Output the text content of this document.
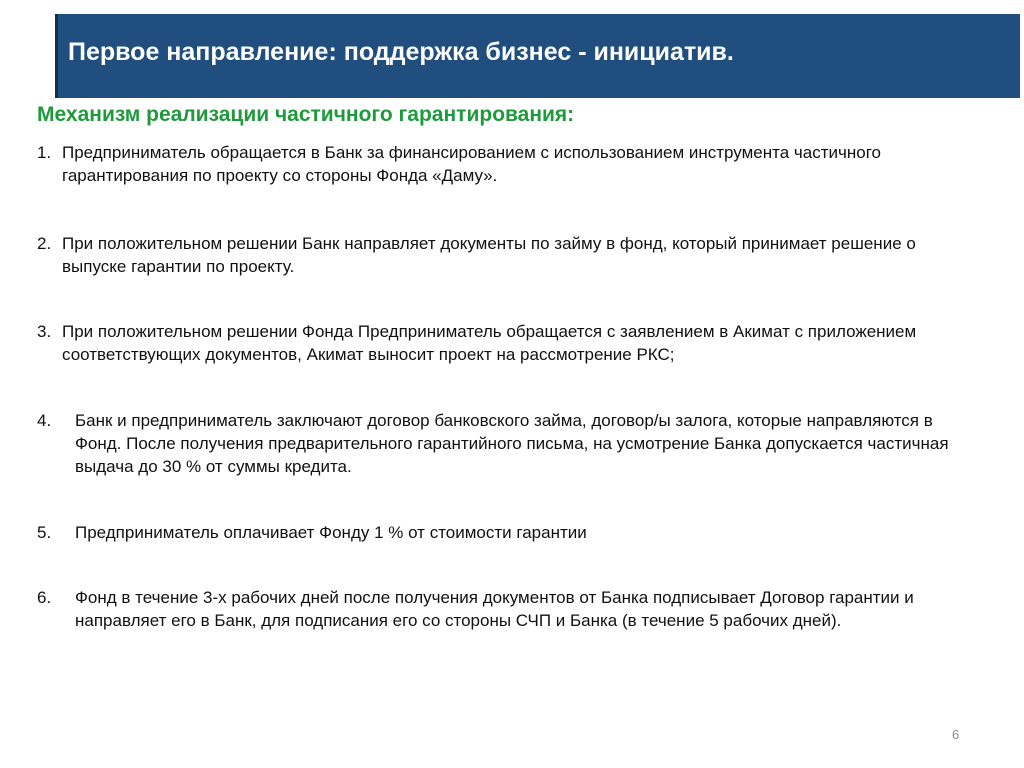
Первое направление: поддержка бизнес - инициатив.
Механизм реализации частичного гарантирования:
1. Предприниматель обращается в Банк за финансированием с использованием инструмента частичного гарантирования по проекту со стороны Фонда «Даму».
2. При положительном решении Банк направляет документы по займу в фонд, который принимает решение о выпуске гарантии по проекту.
3. При положительном решении Фонда Предприниматель обращается с заявлением в Акимат с приложением соответствующих документов, Акимат выносит проект на рассмотрение РКС;
4. Банк и предприниматель заключают договор банковского займа, договор/ы залога, которые направляются в Фонд. После получения предварительного гарантийного письма, на усмотрение Банка допускается частичная выдача до 30 % от суммы кредита.
5. Предприниматель оплачивает Фонду 1 % от стоимости гарантии
6. Фонд в течение 3-х рабочих дней после получения документов от Банка подписывает Договор гарантии и направляет его в Банк, для подписания его со стороны СЧП и Банка (в течение 5 рабочих дней).
6
